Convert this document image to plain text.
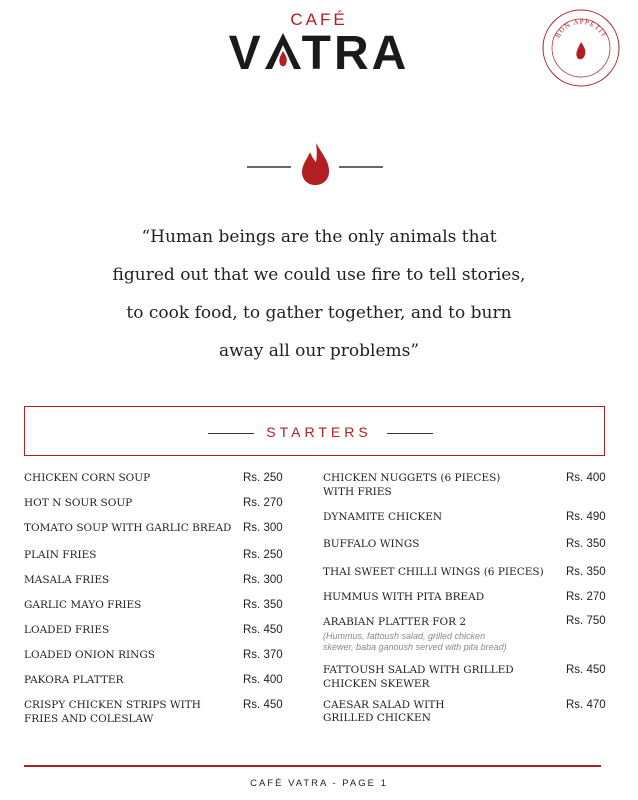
CAFÉ
V TRA	BON APPETIT
“Human beings are the only animals that figured out that we could use fire to tell stories, to cook food, to gather together, and to burn away all our problems”
STARTERS
CHICKEN CORN SOUP	Rs. 250
HOT N SOUR SOUP	Rs. 270
TOMATO SOUP WITH GARLIC BREAD Rs. 300
PLAIN FRIES	Rs. 250
MASALA FRIES	Rs. 300
GARLIC MAYO FRIES	Rs. 350
LOADED FRIES	Rs. 450
LOADED ONION RINGS	Rs. 370
PAKORA PLATTER	Rs. 400
CRISPY CHICKEN STRIPS WITH
FRIES AND COLESLAW
Rs. 450
CHICKEN NUGGETS (6 PIECES)
WITH FRIES
Rs. 400
DYNAMITE CHICKEN	Rs. 490
BUFFALO WINGS	Rs. 350
THAI SWEET CHILLI WINGS (6 PIECES) Rs. 350
HUMMUS WITH PITA BREAD	Rs. 270
ARABIAN PLATTER FOR 2
(Hummus, fattoush salad, grilled chicken
skewer, baba ganoush served with pita bread)
Rs. 750
FATTOUSH SALAD WITH GRILLED
CHICKEN SKEWER
Rs. 450
CAESAR SALAD WITH
GRILLED CHICKEN
Rs. 470
CAFÉ VATRA - PAGE 1
